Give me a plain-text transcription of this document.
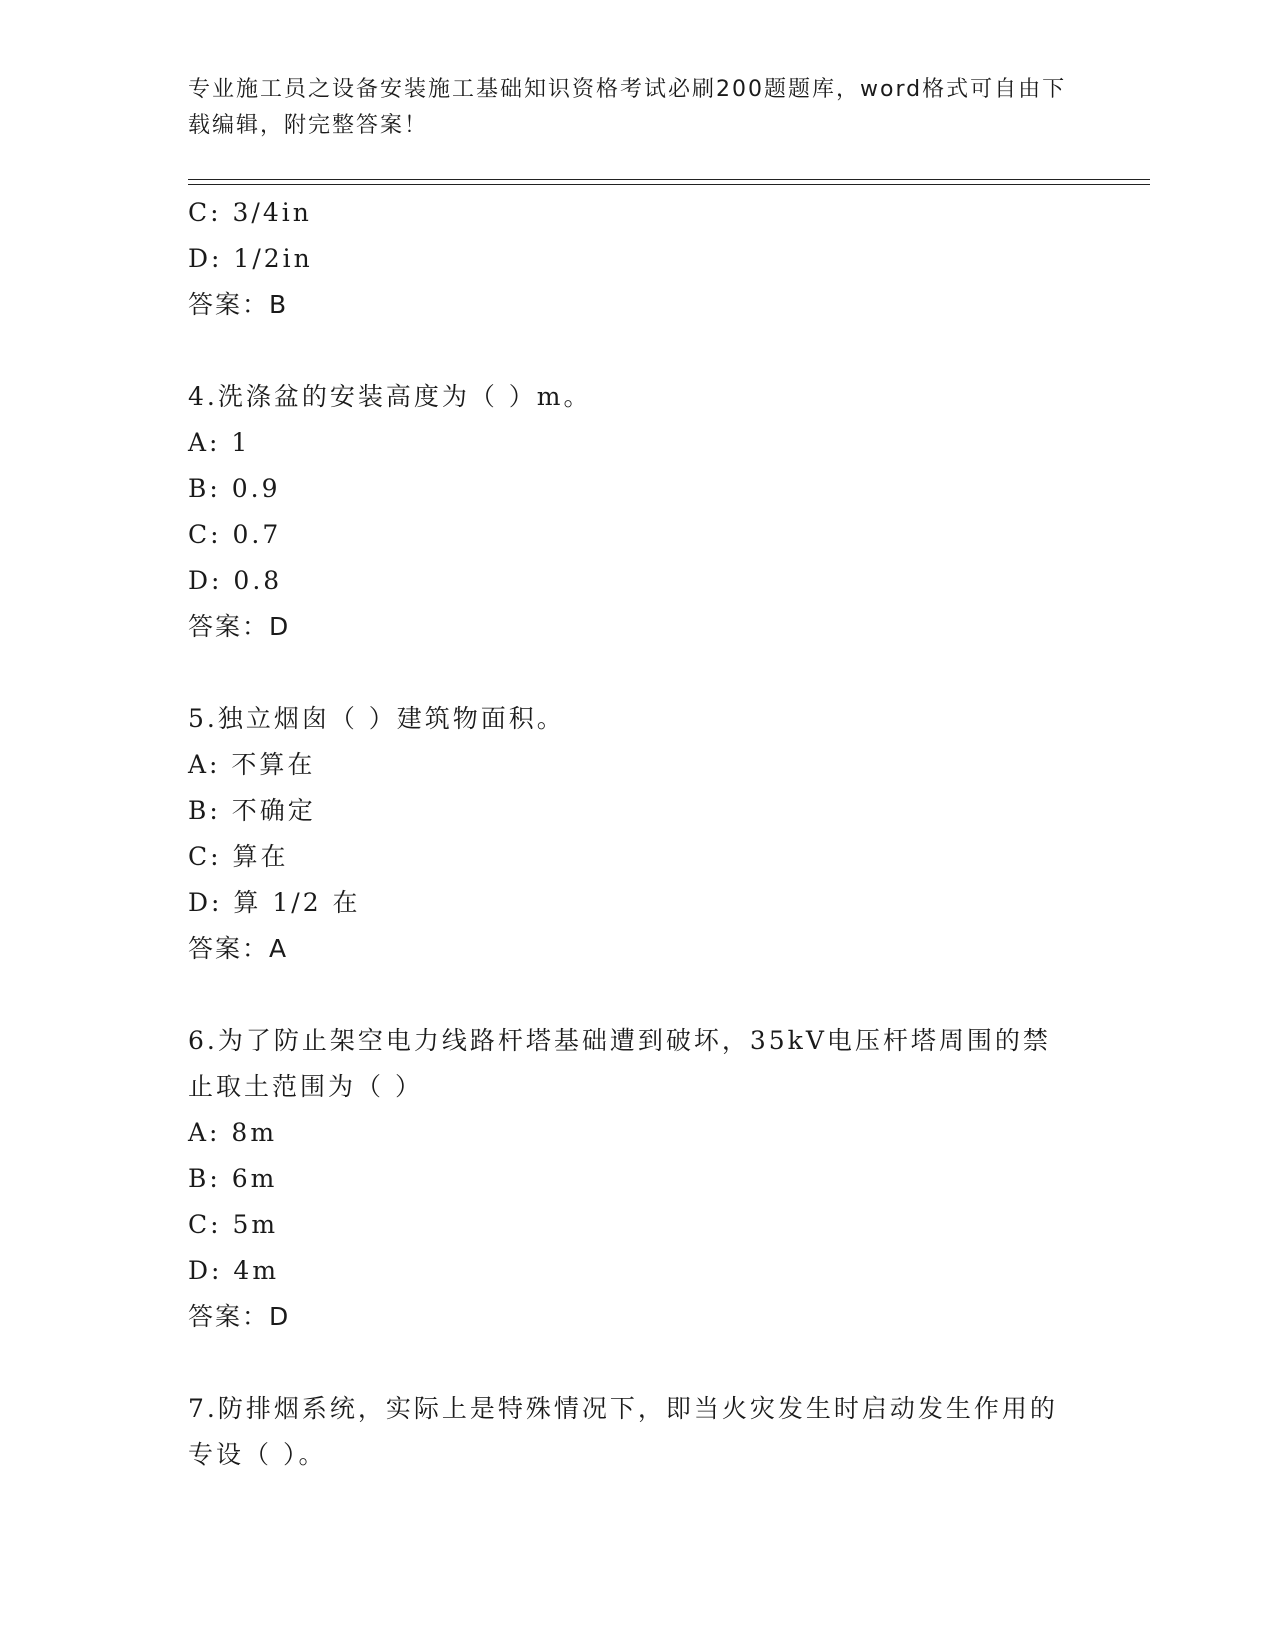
专业施工员之设备安装施工基础知识资格考试必刷200题题库，word格式可自由下载编辑，附完整答案！
C: 3/4in
D: 1/2in
答案：B
4.洗涤盆的安装高度为（ ）m。
A: 1
B: 0.9
C: 0.7
D: 0.8
答案：D
5.独立烟囱（ ）建筑物面积。
A: 不算在
B: 不确定
C: 算在
D: 算 1/2 在
答案：A
6.为了防止架空电力线路杆塔基础遭到破坏，35kV电压杆塔周围的禁止取土范围为（ ）
A: 8m
B: 6m
C: 5m
D: 4m
答案：D
7.防排烟系统，实际上是特殊情况下，即当火灾发生时启动发生作用的专设（ ）。
